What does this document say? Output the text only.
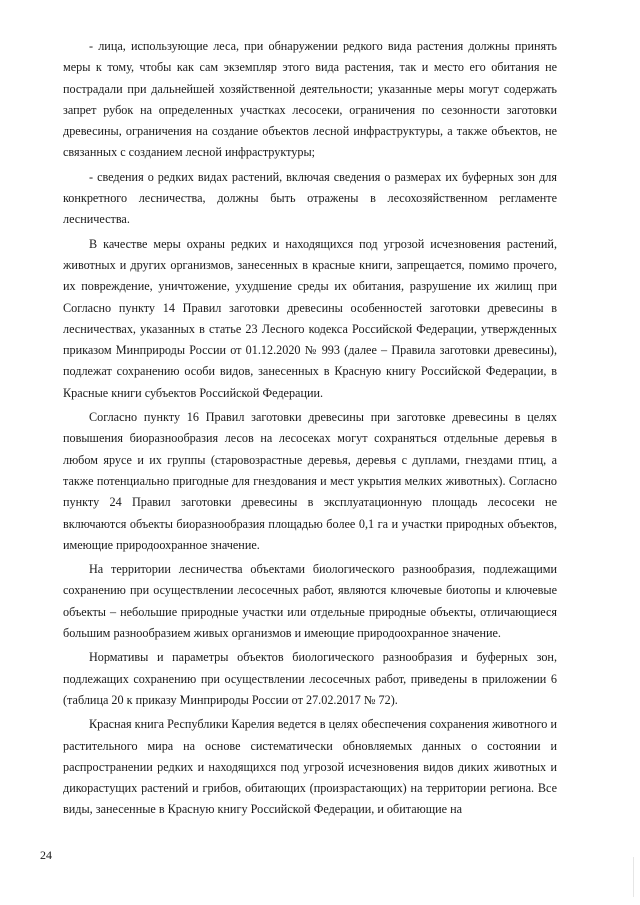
- лица, использующие леса, при обнаружении редкого вида растения должны принять меры к тому, чтобы как сам экземпляр этого вида растения, так и место его обитания не пострадали при дальнейшей хозяйственной деятельности; указанные меры могут содержать запрет рубок на определенных участках лесосеки, ограничения по сезонности заготовки древесины, ограничения на создание объектов лесной инфраструктуры, а также объектов, не связанных с созданием лесной инфраструктуры;

- сведения о редких видах растений, включая сведения о размерах их буферных зон для конкретного лесничества, должны быть отражены в лесохозяйственном регламенте лесничества.

В качестве меры охраны редких и находящихся под угрозой исчезновения растений, животных и других организмов, занесенных в красные книги, запрещается, помимо прочего, их повреждение, уничтожение, ухудшение среды их обитания, разрушение их жилищ при Согласно пункту 14 Правил заготовки древесины особенностей заготовки древесины в лесничествах, указанных в статье 23 Лесного кодекса Российской Федерации, утвержденных приказом Минприроды России от 01.12.2020 № 993 (далее – Правила заготовки древесины), подлежат сохранению особи видов, занесенных в Красную книгу Российской Федерации, в Красные книги субъектов Российской Федерации.

Согласно пункту 16 Правил заготовки древесины при заготовке древесины в целях повышения биоразнообразия лесов на лесосеках могут сохраняться отдельные деревья в любом ярусе и их группы (старовозрастные деревья, деревья с дуплами, гнездами птиц, а также потенциально пригодные для гнездования и мест укрытия мелких животных). Согласно пункту 24 Правил заготовки древесины в эксплуатационную площадь лесосеки не включаются объекты биоразнообразия площадью более 0,1 га и участки природных объектов, имеющие природоохранное значение.

На территории лесничества объектами биологического разнообразия, подлежащими сохранению при осуществлении лесосечных работ, являются ключевые биотопы и ключевые объекты – небольшие природные участки или отдельные природные объекты, отличающиеся большим разнообразием живых организмов и имеющие природоохранное значение.

Нормативы и параметры объектов биологического разнообразия и буферных зон, подлежащих сохранению при осуществлении лесосечных работ, приведены в приложении 6 (таблица 20 к приказу Минприроды России от 27.02.2017 № 72).

Красная книга Республики Карелия ведется в целях обеспечения сохранения животного и растительного мира на основе систематически обновляемых данных о состоянии и распространении редких и находящихся под угрозой исчезновения видов диких животных и дикорастущих растений и грибов, обитающих (произрастающих) на территории региона. Все виды, занесенные в Красную книгу Российской Федерации, и обитающие на

24
